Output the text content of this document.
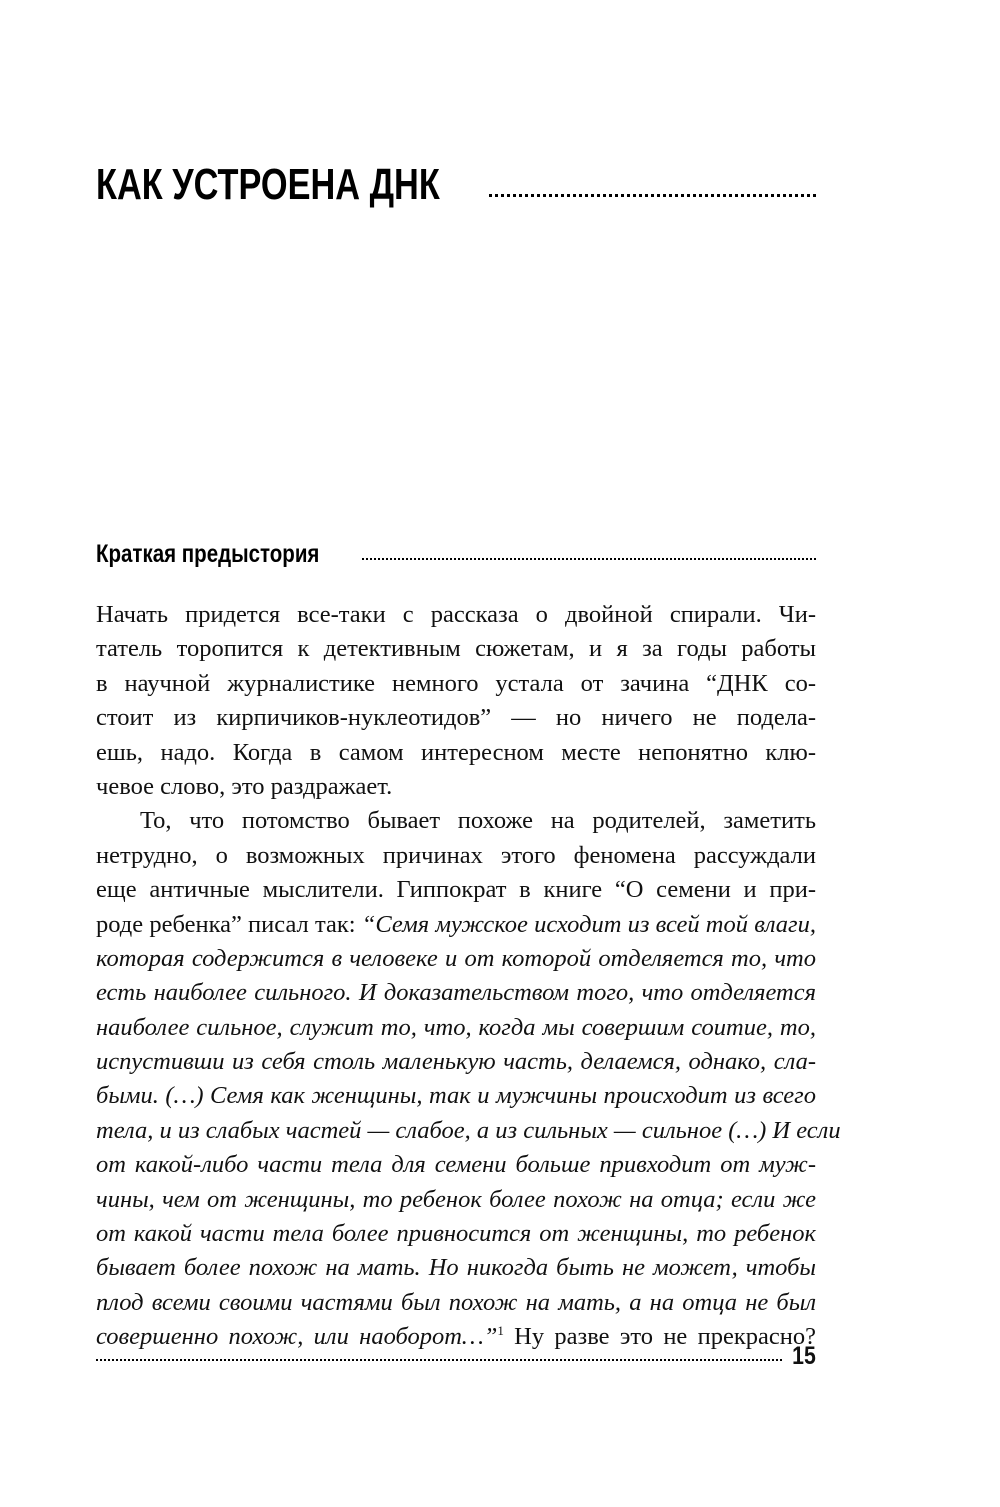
КАК УСТРОЕНА ДНК
Краткая предыстория
Начать придется все-таки с рассказа о двойной спирали. Чи-
татель торопится к детективным сюжетам, и я за годы работы
в научной журналистике немного устала от зачина “ДНК со-
стоит из кирпичиков-нуклеотидов” — но ничего не подела-
ешь, надо. Когда в самом интересном месте непонятно клю-
чевое слово, это раздражает.
То, что потомство бывает похоже на родителей, заметить
нетрудно, о возможных причинах этого феномена рассуждали
еще античные мыслители. Гиппократ в книге “О семени и при-
роде ребенка” писал так: “Семя мужское исходит из всей той влаги,
которая содержится в человеке и от которой отделяется то, что
есть наиболее сильного. И доказательством того, что отделяется
наиболее сильное, служит то, что, когда мы совершим соитие, то,
испустивши из себя столь маленькую часть, делаемся, однако, сла-
быми. (…) Семя как женщины, так и мужчины происходит из всего
тела, и из слабых частей — слабое, а из сильных — сильное (…) И если
от какой-либо части тела для семени больше привходит от муж-
чины, чем от женщины, то ребенок более похож на отца; если же
от какой части тела более привносится от женщины, то ребенок
бывает более похож на мать. Но никогда быть не может, чтобы
плод всеми своими частями был похож на мать, а на отца не был
совершенно похож, или наоборот…”$^1$ Ну разве это не прекрасно?
15
